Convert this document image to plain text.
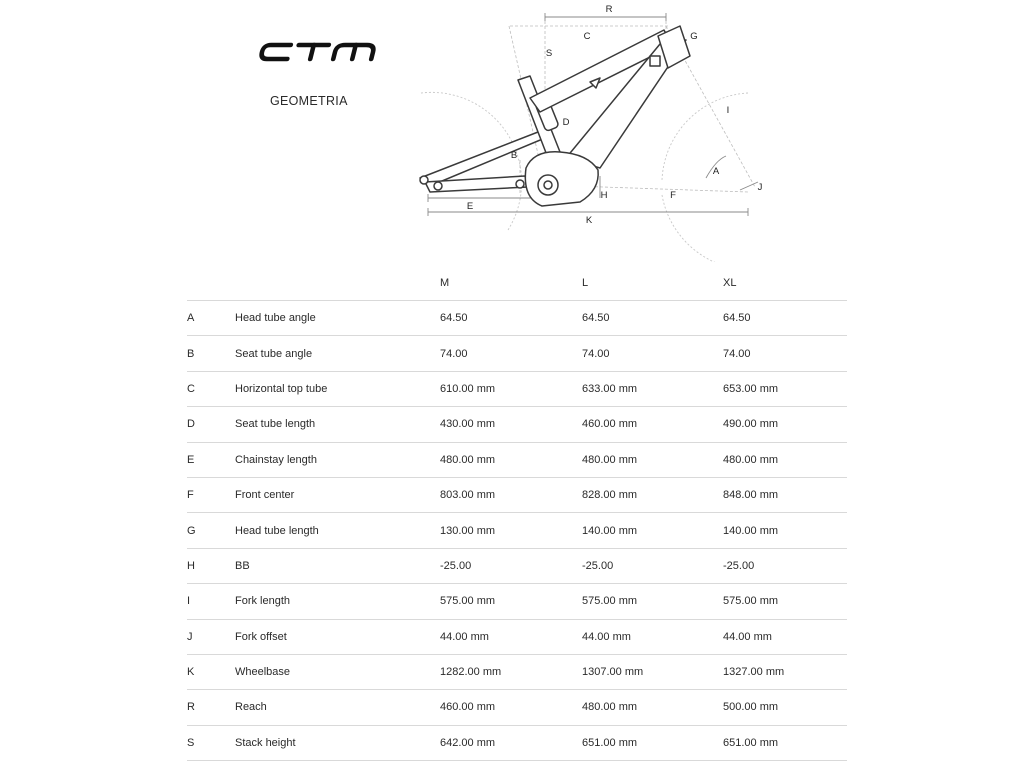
GEOMETRIA
R
C
S
G
I
D
B
A
H
J
F
E
K
		M	L	XL
A	Head tube angle	64.50	64.50	64.50
B	Seat tube angle	74.00	74.00	74.00
C	Horizontal top tube	610.00 mm	633.00 mm	653.00 mm
D	Seat tube length	430.00 mm	460.00 mm	490.00 mm
E	Chainstay length	480.00 mm	480.00 mm	480.00 mm
F	Front center	803.00 mm	828.00 mm	848.00 mm
G	Head tube length	130.00 mm	140.00 mm	140.00 mm
H	BB	-25.00	-25.00	-25.00
I	Fork length	575.00 mm	575.00 mm	575.00 mm
J	Fork offset	44.00 mm	44.00 mm	44.00 mm
K	Wheelbase	1282.00 mm	1307.00 mm	1327.00 mm
R	Reach	460.00 mm	480.00 mm	500.00 mm
S	Stack height	642.00 mm	651.00 mm	651.00 mm
